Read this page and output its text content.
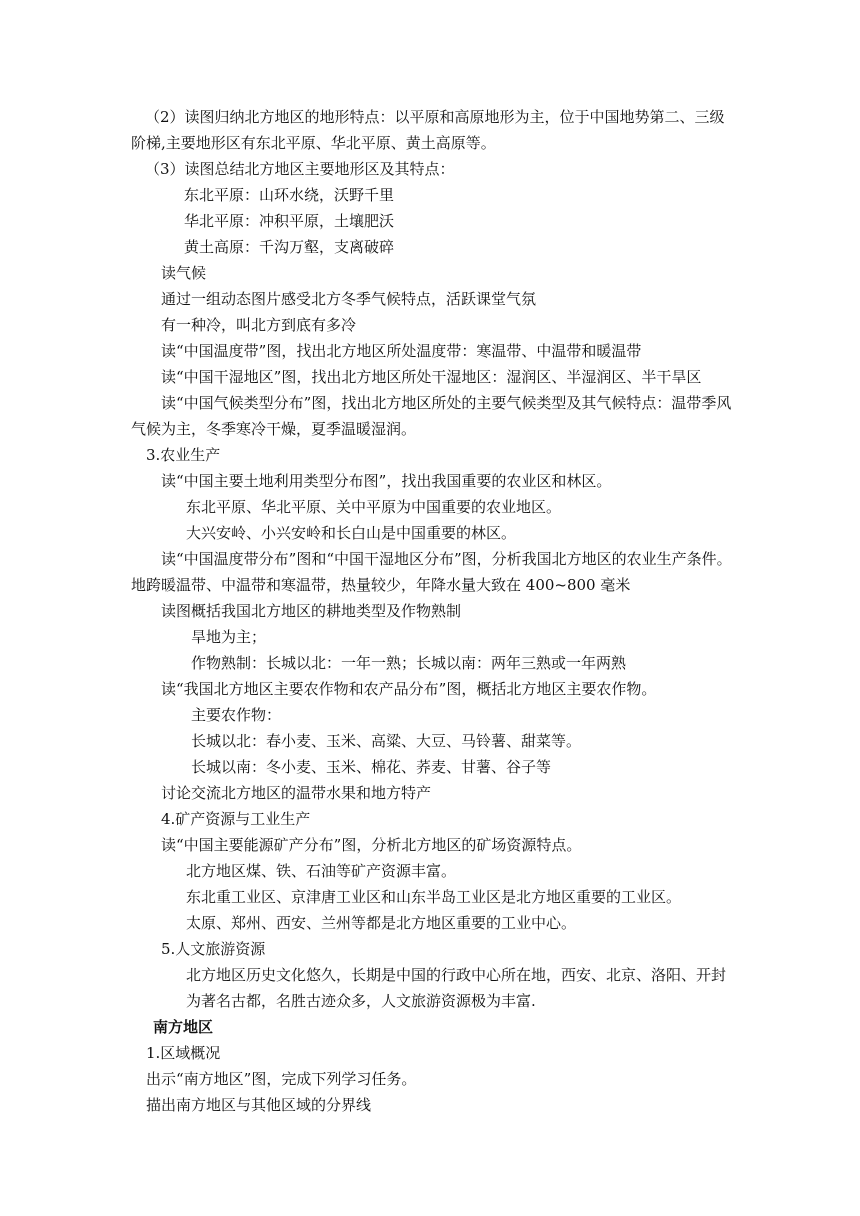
（2）读图归纳北方地区的地形特点：以平原和高原地形为主，位于中国地势第二、三级
阶梯,主要地形区有东北平原、华北平原、黄土高原等。
（3）读图总结北方地区主要地形区及其特点：
东北平原：山环水绕，沃野千里
华北平原：冲积平原，土壤肥沃
黄土高原：千沟万壑，支离破碎
读气候
通过一组动态图片感受北方冬季气候特点，活跃课堂气氛
有一种冷，叫北方到底有多冷
读“中国温度带”图，找出北方地区所处温度带：寒温带、中温带和暖温带
读“中国干湿地区”图，找出北方地区所处干湿地区：湿润区、半湿润区、半干旱区
读“中国气候类型分布”图，找出北方地区所处的主要气候类型及其气候特点：温带季风
气候为主，冬季寒冷干燥，夏季温暖湿润。
3.农业生产
读“中国主要土地利用类型分布图”，找出我国重要的农业区和林区。
东北平原、华北平原、关中平原为中国重要的农业地区。
大兴安岭、小兴安岭和长白山是中国重要的林区。
读“中国温度带分布”图和“中国干湿地区分布”图，分析我国北方地区的农业生产条件。
地跨暖温带、中温带和寒温带，热量较少，年降水量大致在 400~800 毫米
读图概括我国北方地区的耕地类型及作物熟制
旱地为主；
作物熟制：长城以北：一年一熟；长城以南：两年三熟或一年两熟
读“我国北方地区主要农作物和农产品分布”图，概括北方地区主要农作物。
主要农作物：
长城以北：春小麦、玉米、高粱、大豆、马铃薯、甜菜等。
长城以南：冬小麦、玉米、棉花、荞麦、甘薯、谷子等
讨论交流北方地区的温带水果和地方特产
4.矿产资源与工业生产
读“中国主要能源矿产分布”图，分析北方地区的矿场资源特点。
北方地区煤、铁、石油等矿产资源丰富。
东北重工业区、京津唐工业区和山东半岛工业区是北方地区重要的工业区。
太原、郑州、西安、兰州等都是北方地区重要的工业中心。
5.人文旅游资源
北方地区历史文化悠久，长期是中国的行政中心所在地，西安、北京、洛阳、开封
为著名古都，名胜古迹众多，人文旅游资源极为丰富.
南方地区
1.区域概况
出示“南方地区”图，完成下列学习任务。
描出南方地区与其他区域的分界线
